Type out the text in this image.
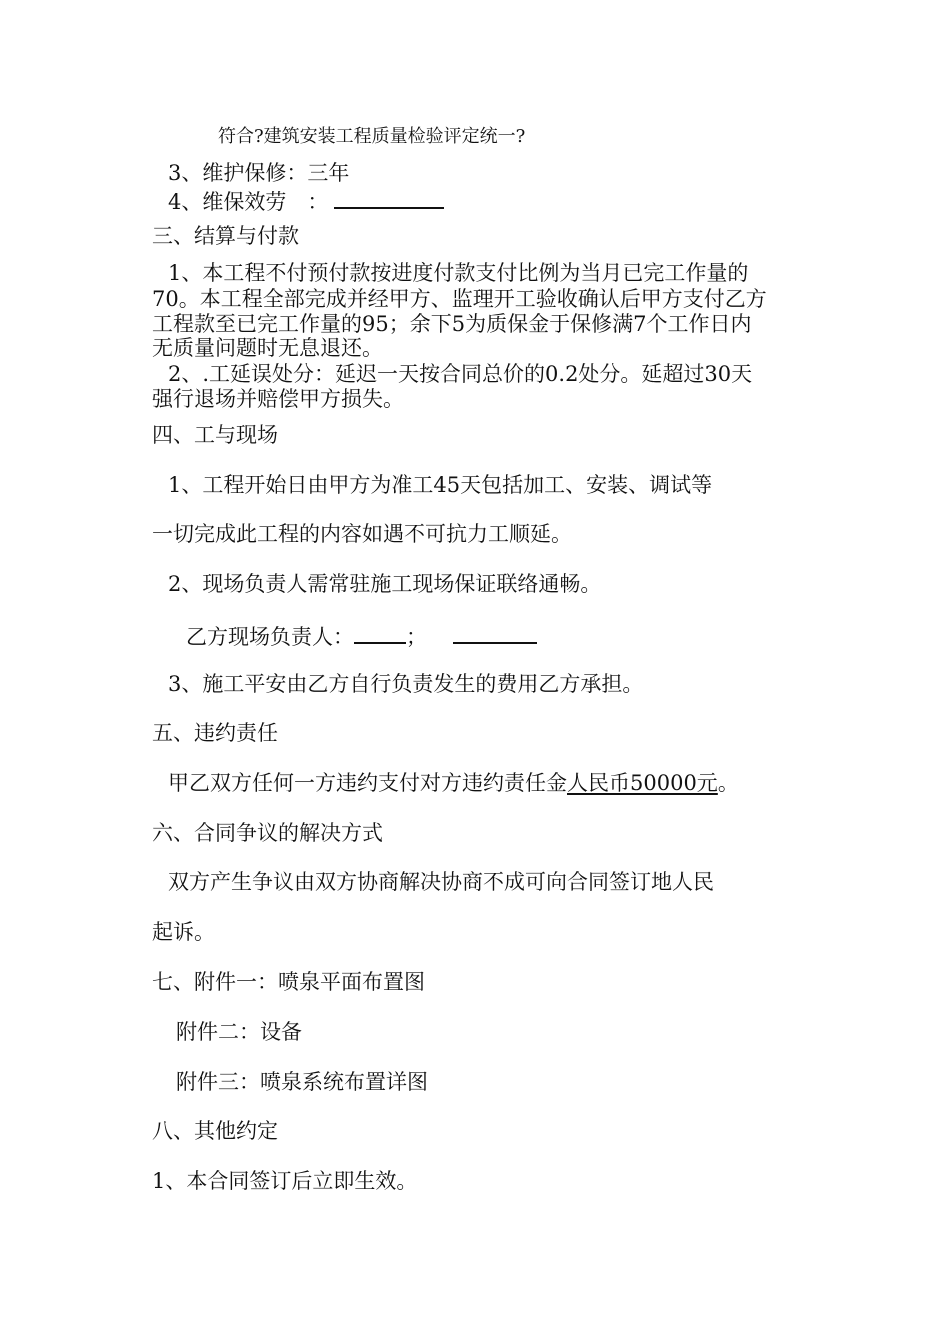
符合?建筑安装工程质量检验评定统一?
3、维护保修：三年
4、维保效劳　：
三、结算与付款
1、本工程不付预付款按进度付款支付比例为当月已完工作量的
70。本工程全部完成并经甲方、监理开工验收确认后甲方支付乙方
工程款至已完工作量的95；余下5为质保金于保修满7个工作日内
无质量问题时无息退还。
2、.工延误处分：延迟一天按合同总价的0.2处分。延超过30天
强行退场并赔偿甲方损失。
四、工与现场
1、工程开始日由甲方为准工45天包括加工、安装、调试等
一切完成此工程的内容如遇不可抗力工顺延。
2、现场负责人需常驻施工现场保证联络通畅。
乙方现场负责人： ；
3、施工平安由乙方自行负责发生的费用乙方承担。
五、违约责任
甲乙双方任何一方违约支付对方违约责任金人民币50000元。
六、合同争议的解决方式
双方产生争议由双方协商解决协商不成可向合同签订地人民
起诉。
七、附件一：喷泉平面布置图
附件二：设备
附件三：喷泉系统布置详图
八、其他约定
1、本合同签订后立即生效。
